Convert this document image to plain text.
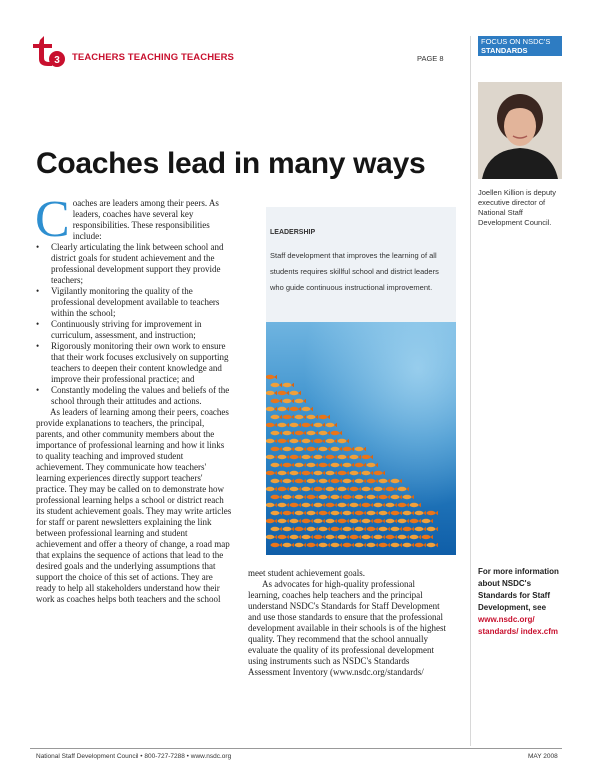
3 TEACHERS TEACHING TEACHERS	PAGE 8
FOCUS ON NSDC'S
STANDARDS
Joellen Killion is deputy executive director of National Staff Development Council.
Coaches lead in many ways

Coaches are leaders among their peers. As leaders, coaches have several key responsibilities. These responsibilities include:

• Clearly articulating the link between school and district goals for student achievement and the professional development support they provide teachers;
• Vigilantly monitoring the quality of the professional development available to teachers within the school;
• Continuously striving for improvement in curriculum, assessment, and instruction;
• Rigorously monitoring their own work to ensure that their work focuses exclusively on supporting teachers to deepen their content knowledge and improve their professional practice; and
• Constantly modeling the values and beliefs of the school through their attitudes and actions.

As leaders of learning among their peers, coaches provide explanations to teachers, the principal, parents, and other community members about the importance of professional learning and how it links to quality teaching and improved student achievement. They communicate how teachers' learning experiences directly support teachers' practice. They may be called on to demonstrate how professional learning helps a school or district reach its student achievement goals. They may write articles for staff or parent newsletters explaining the link between professional learning and student achievement and offer a theory of change, a road map that explains the sequence of actions that lead to the desired goals and the underlying assumptions that support the choice of this set of actions. They are ready to help all stakeholders understand how their work as coaches helps both teachers and the school

LEADERSHIP
Staff development that improves the learning of all students requires skillful school and district leaders who guide continuous instructional improvement.

meet student achievement goals.

As advocates for high-quality professional learning, coaches help teachers and the principal understand NSDC's Standards for Staff Development and use those standards to ensure that the professional development available in their schools is of the highest quality. They recommend that the school annually evaluate the quality of its professional development using instruments such as NSDC's Standards Assessment Inventory (www.nsdc.org/standards/

For more information about NSDC's Standards for Staff Development, see
www.nsdc.org/ standards/ index.cfm
National Staff Development Council • 800-727-7288 • www.nsdc.org	MAY 2008
